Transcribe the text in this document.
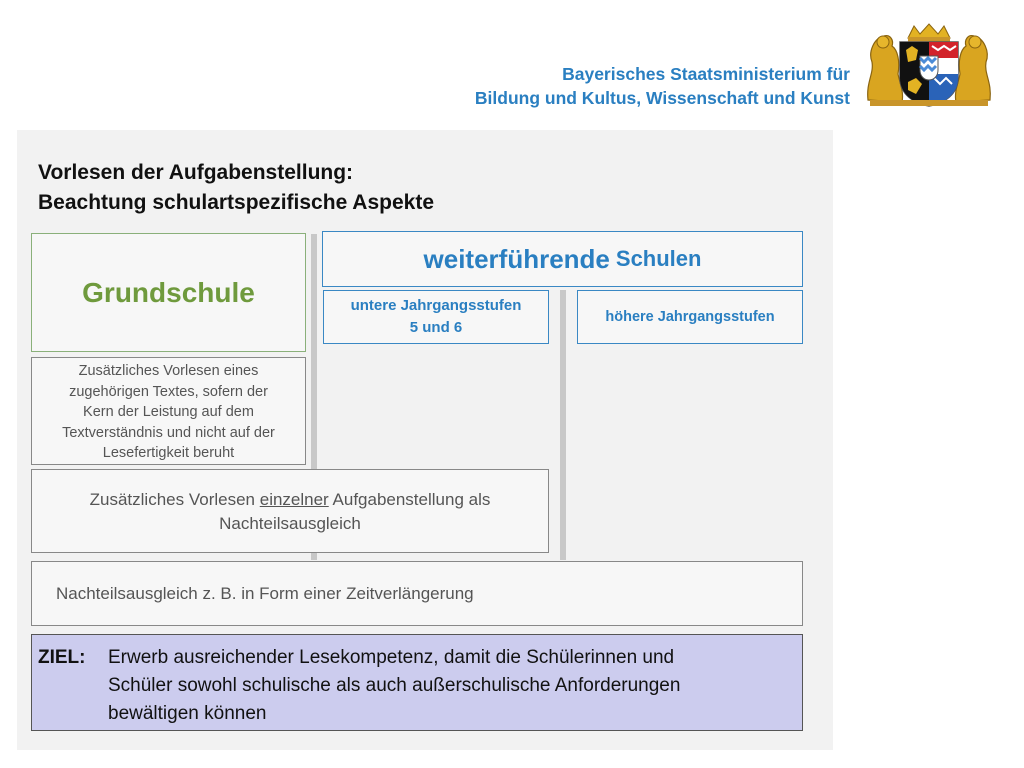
Bayerisches Staatsministerium für
Bildung und Kultus, Wissenschaft und Kunst
Vorlesen der Aufgabenstellung:
Beachtung schulartspezifische Aspekte
Grundschule
weiterführende Schulen
untere Jahrgangsstufen
5 und 6
höhere Jahrgangsstufen
Zusätzliches Vorlesen eines
zugehörigen Textes, sofern der
Kern der Leistung auf dem
Textverständnis und nicht auf der
Lesefertigkeit beruht
Zusätzliches Vorlesen einzelner Aufgabenstellung als
Nachteilsausgleich
Nachteilsausgleich z. B. in Form einer Zeitverlängerung
ZIEL:	Erwerb ausreichender Lesekompetenz, damit die Schülerinnen und
Schüler sowohl schulische als auch außerschulische Anforderungen
bewältigen können
